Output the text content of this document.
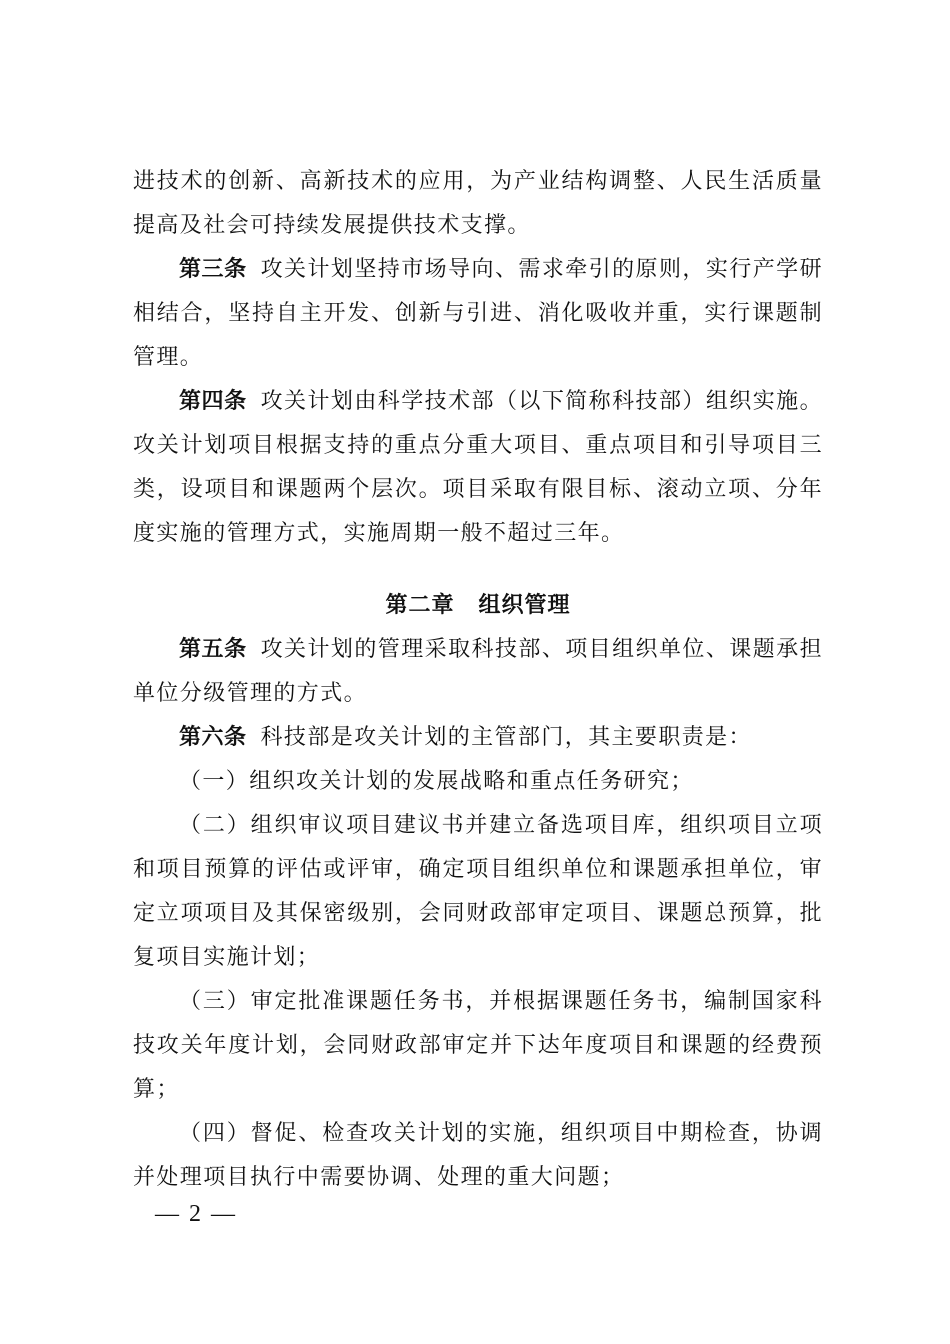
进技术的创新、高新技术的应用，为产业结构调整、人民生活质量提高及社会可持续发展提供技术支撑。

第三条 攻关计划坚持市场导向、需求牵引的原则，实行产学研相结合，坚持自主开发、创新与引进、消化吸收并重，实行课题制管理。

第四条 攻关计划由科学技术部（以下简称科技部）组织实施。攻关计划项目根据支持的重点分重大项目、重点项目和引导项目三类，设项目和课题两个层次。项目采取有限目标、滚动立项、分年度实施的管理方式，实施周期一般不超过三年。

第二章 组织管理

第五条 攻关计划的管理采取科技部、项目组织单位、课题承担单位分级管理的方式。

第六条 科技部是攻关计划的主管部门，其主要职责是：

（一）组织攻关计划的发展战略和重点任务研究；

（二）组织审议项目建议书并建立备选项目库，组织项目立项和项目预算的评估或评审，确定项目组织单位和课题承担单位，审定立项项目及其保密级别，会同财政部审定项目、课题总预算，批复项目实施计划；

（三）审定批准课题任务书，并根据课题任务书，编制国家科技攻关年度计划，会同财政部审定并下达年度项目和课题的经费预算；

（四）督促、检查攻关计划的实施，组织项目中期检查，协调并处理项目执行中需要协调、处理的重大问题；

— 2 —
